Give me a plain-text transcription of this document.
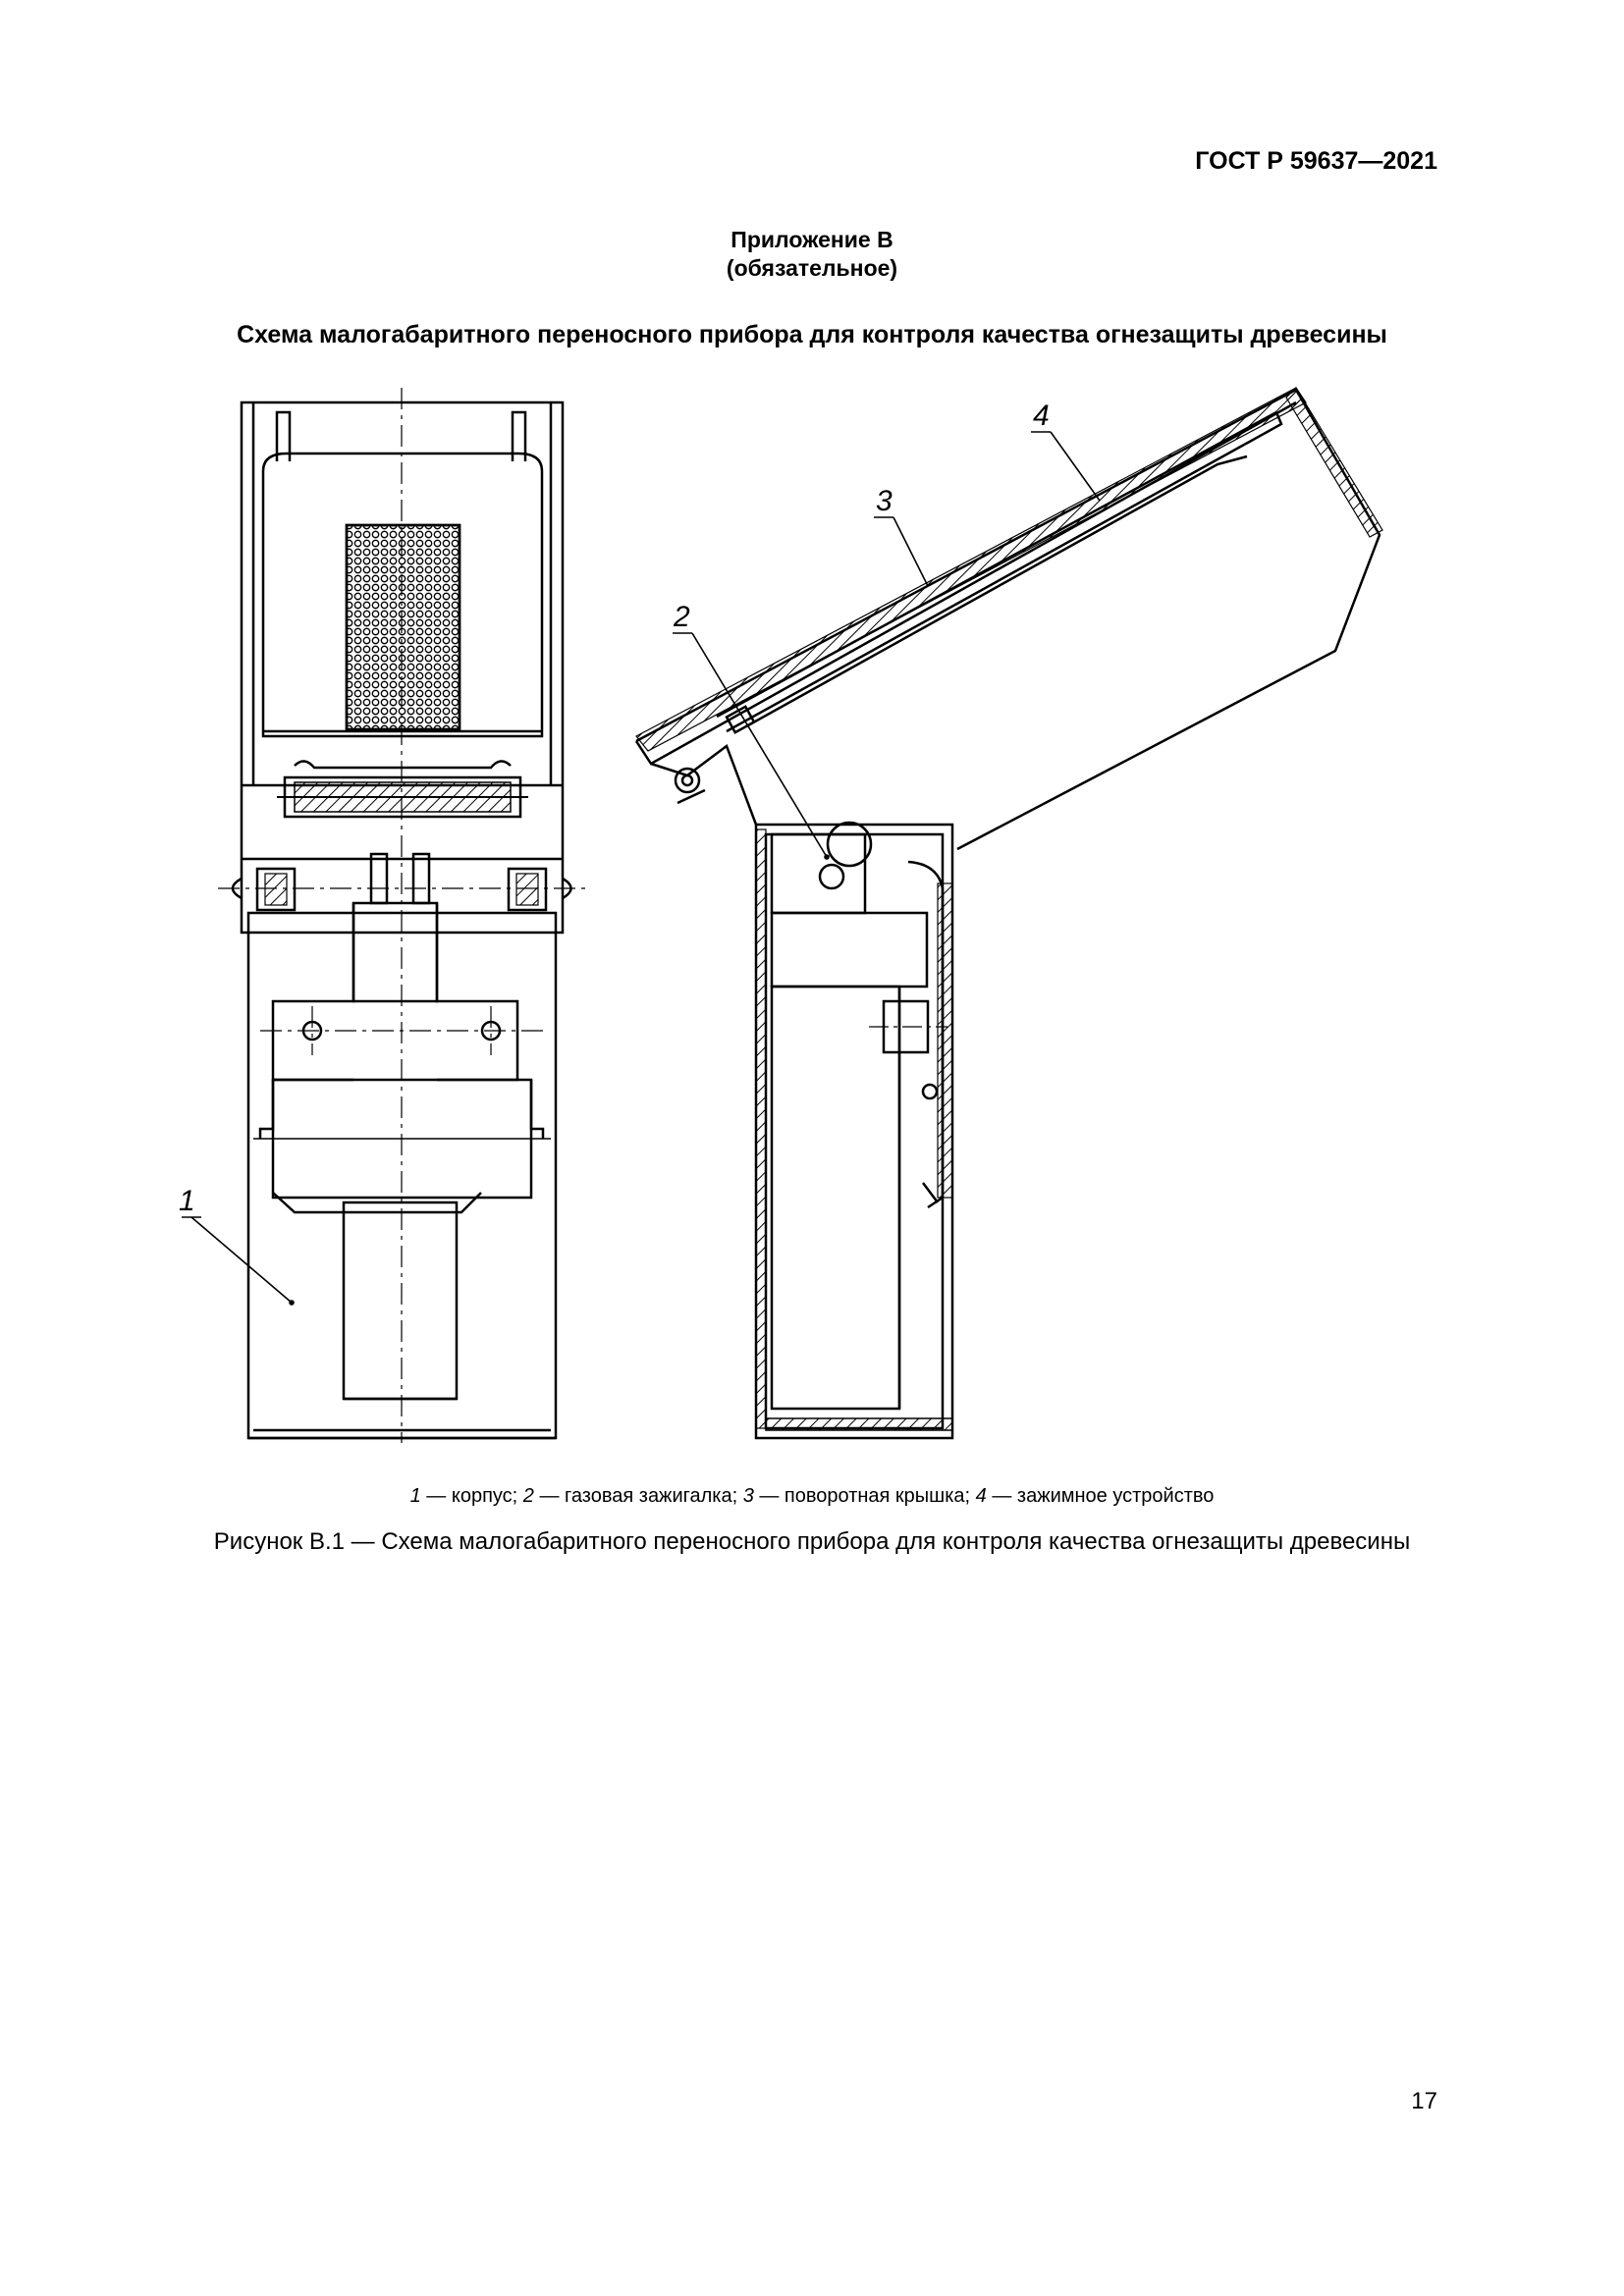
ГОСТ Р 59637—2021
Приложение В
(обязательное)
Схема малогабаритного переносного прибора для контроля качества огнезащиты древесины
1
2
3
4
1 — корпус; 2 — газовая зажигалка; 3 — поворотная крышка; 4 — зажимное устройство
Рисунок В.1 — Схема малогабаритного переносного прибора для контроля качества огнезащиты древесины
17
